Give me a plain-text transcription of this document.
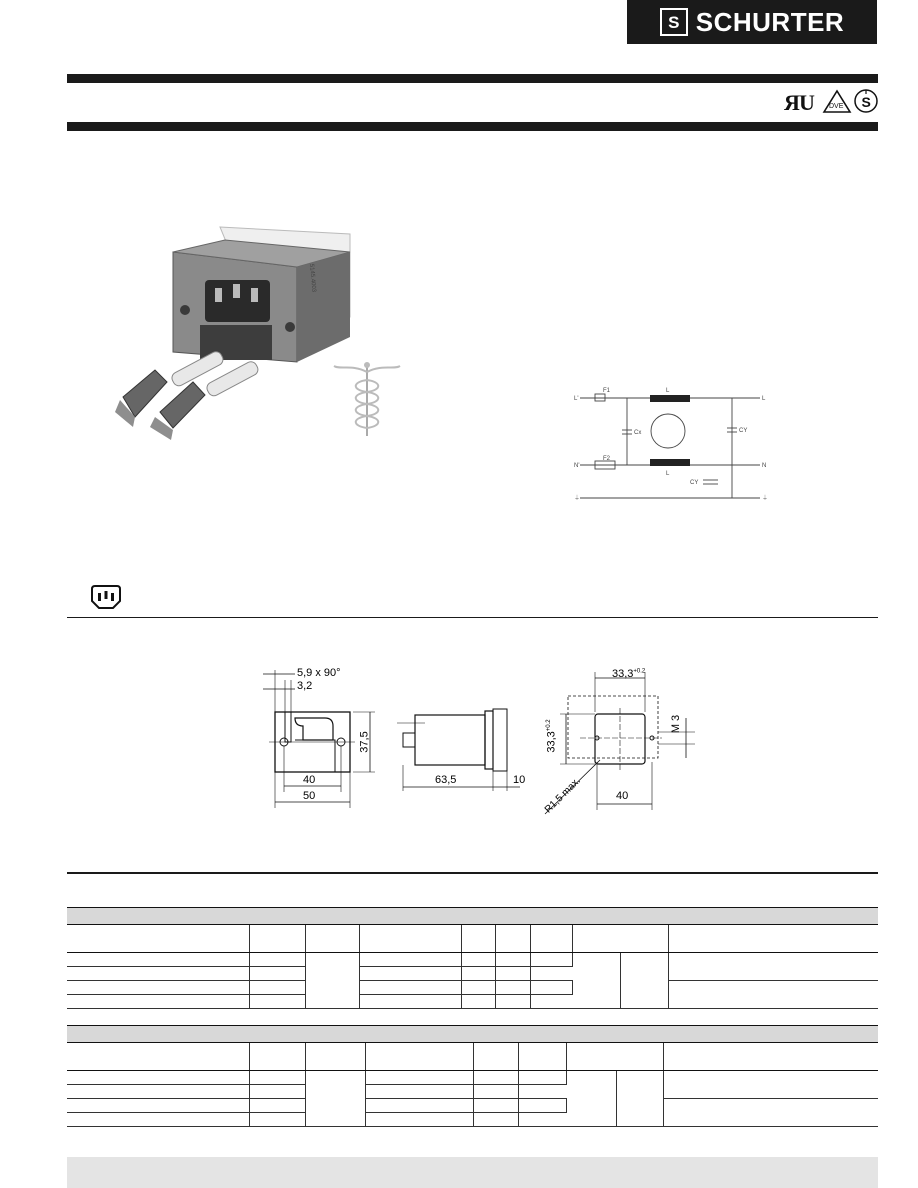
S SCHURTER
Я U DVE S
5145.4003
L'
N'
⏚
L
N
⏚
F1
F2
L
L
Cx	CY
CY
5,9 x 90°
3,2
37,5
40
50
63,5	10
$33,3^{+0.2}$
$33,3^{+0.2}$	M 3
R1,5 max.	40
